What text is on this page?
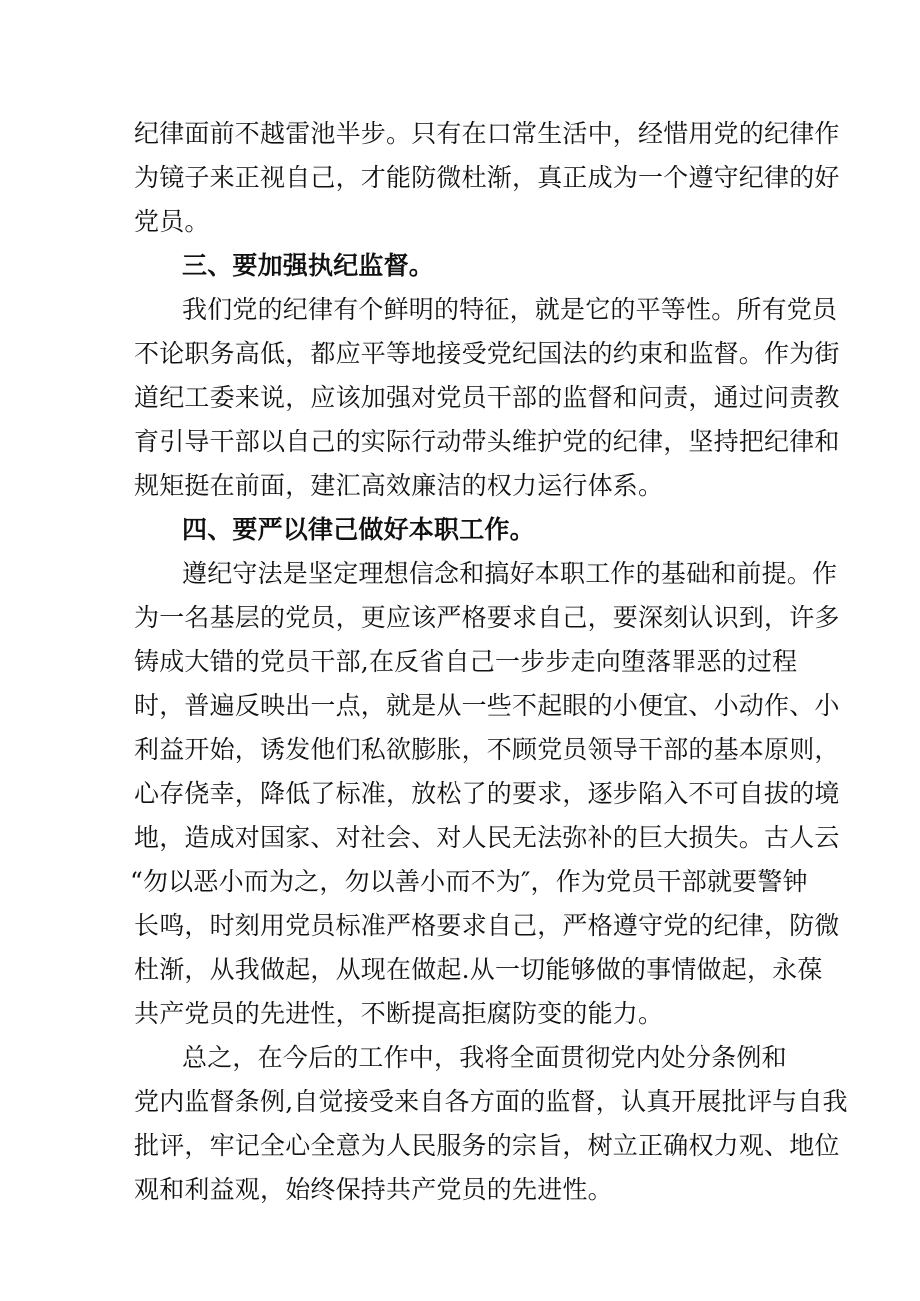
纪律面前不越雷池半步。只有在口常生活中，经惜用党的纪律作
为镜子来正视自己，才能防微杜渐，真正成为一个遵守纪律的好
党员。
三、要加强执纪监督。
我们党的纪律有个鲜明的特征，就是它的平等性。所有党员
不论职务高低，都应平等地接受党纪国法的约束和监督。作为街
道纪工委来说，应该加强对党员干部的监督和问责，通过问责教
育引导干部以自己的实际行动带头维护党的纪律，坚持把纪律和
规矩挺在前面，建汇高效廉洁的权力运行体系。
四、要严以律己做好本职工作。
遵纪守法是坚定理想信念和搞好本职工作的基础和前提。作
为一名基层的党员，更应该严格要求自己，要深刻认识到，许多
铸成大错的党员干部,在反省自己一步步走向堕落罪恶的过程
时，普遍反映出一点，就是从一些不起眼的小便宜、小动作、小
利益开始，诱发他们私欲膨胀，不顾党员领导干部的基本原则，
心存侥幸，降低了标准，放松了的要求，逐步陷入不可自拔的境
地，造成对国家、对社会、对人民无法弥补的巨大损失。古人云
“勿以恶小而为之，勿以善小而不为″，作为党员干部就要警钟
长鸣，时刻用党员标准严格要求自己，严格遵守党的纪律，防微
杜渐，从我做起，从现在做起.从一切能够做的事情做起，永葆
共产党员的先进性，不断提高拒腐防变的能力。
总之，在今后的工作中，我将全面贯彻党内处分条例和
党内监督条例,自觉接受来自各方面的监督，认真开展批评与自我
批评，牢记全心全意为人民服务的宗旨，树立正确权力观、地位
观和利益观，始终保持共产党员的先进性。
